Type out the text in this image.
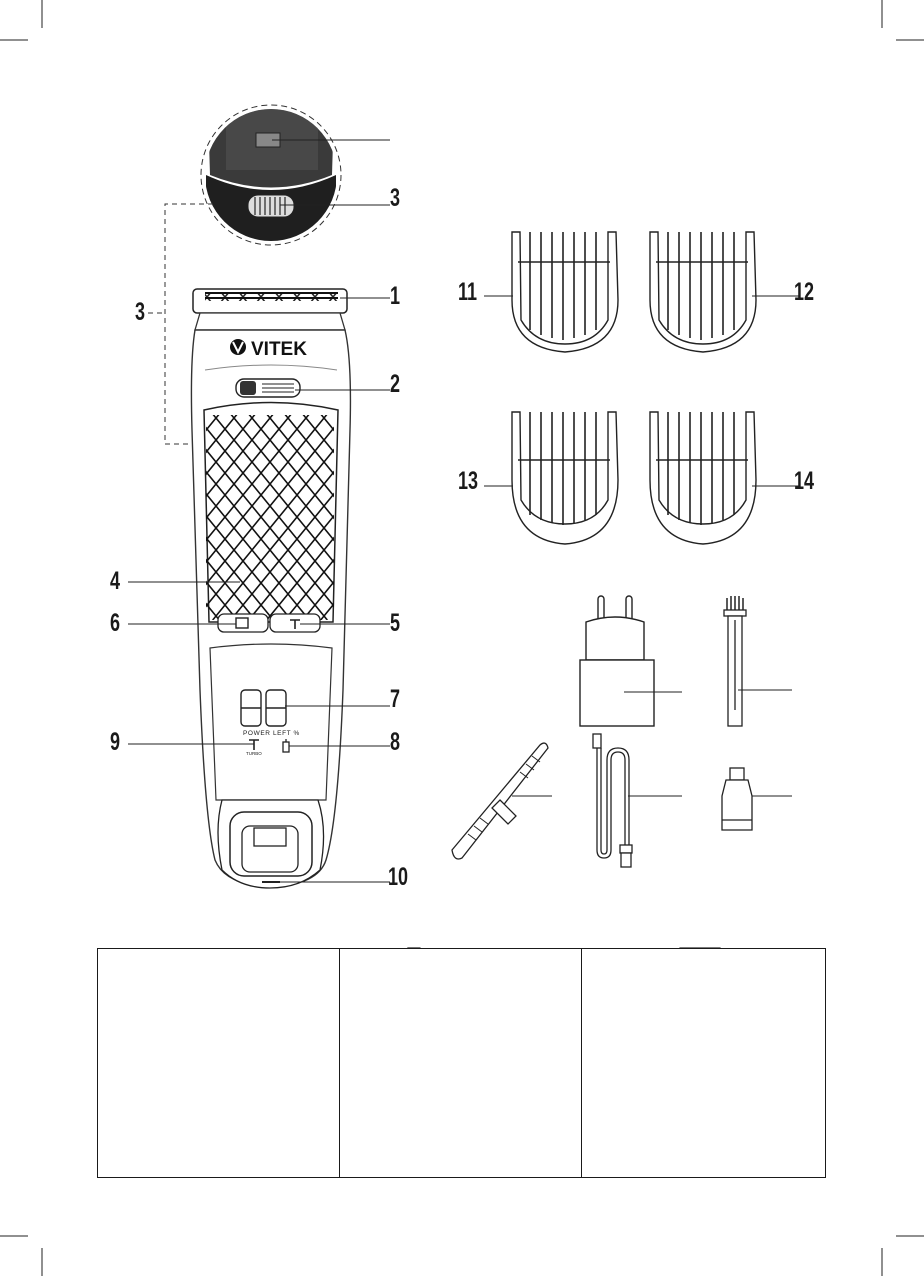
VITEK
POWER LEFT %
TURBO
3
3
1
2
4
6	5
7
9	8
10
11	12
13	14
